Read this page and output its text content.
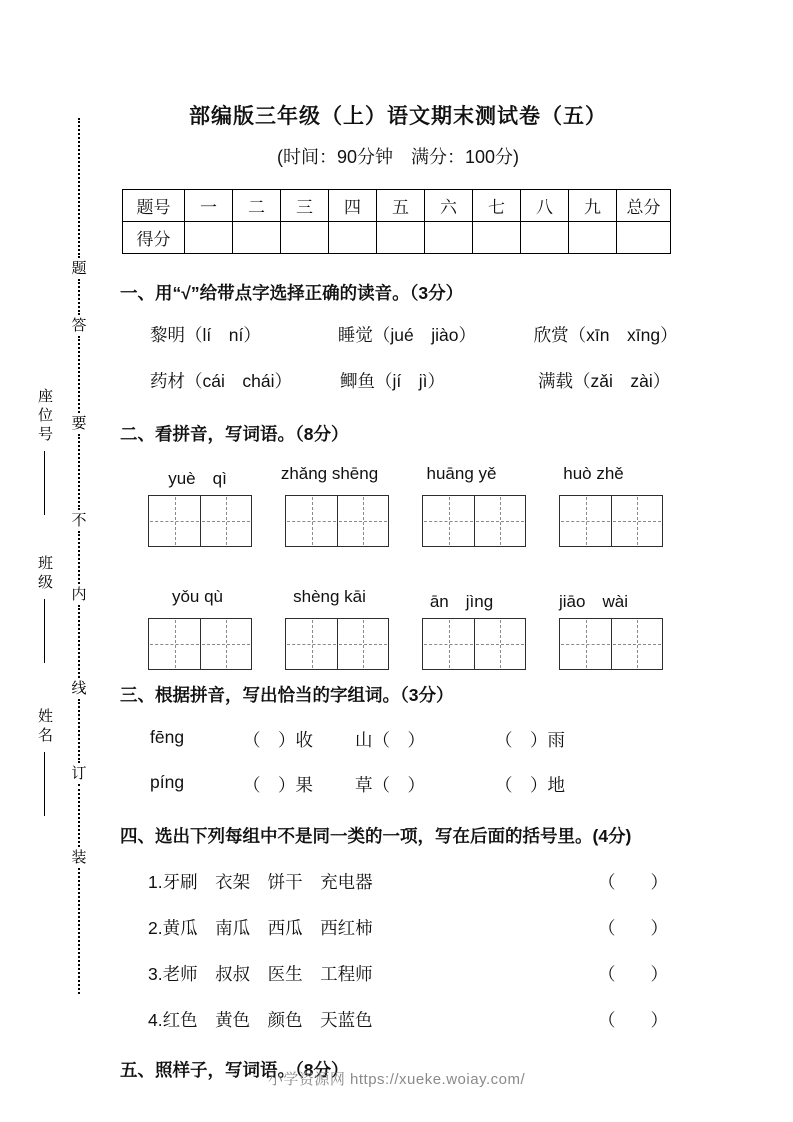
题
答
要
不
内
线
订
装
座位号
班级
姓名
部编版三年级（上）语文期末测试卷（五）
(时间：90分钟　满分：100分)
题号	一	二	三	四	五	六	七	八	九	总分
得分										
一、用“√”给带点字选择正确的读音。（3分）
黎明（lí　ní）	睡觉（jué　jiào）	欣赏（xīn　xīng）
药材（cái　chái）	鲫鱼（jí　jì）	满载（zǎi　zài）
二、看拼音，写词语。（8分）
yuè　qì	zhǎng shēng	huāng yě	huò zhě
yǒu qù	shèng kāi	ān　jìng	jiāo　wài
三、根据拼音，写出恰当的字组词。（3分）
fēng	（　）收	山（　）	（　）雨
píng	（　）果	草（　）	（　）地
四、选出下列每组中不是同一类的一项，写在后面的括号里。(4分)
1.牙刷　衣架　饼干　充电器	（　　）
2.黄瓜　南瓜　西瓜　西红柿	（　　）
3.老师　叔叔　医生　工程师	（　　）
4.红色　黄色　颜色　天蓝色	（　　）
五、照样子，写词语。（8分）
小学资源网 https://xueke.woiay.com/
